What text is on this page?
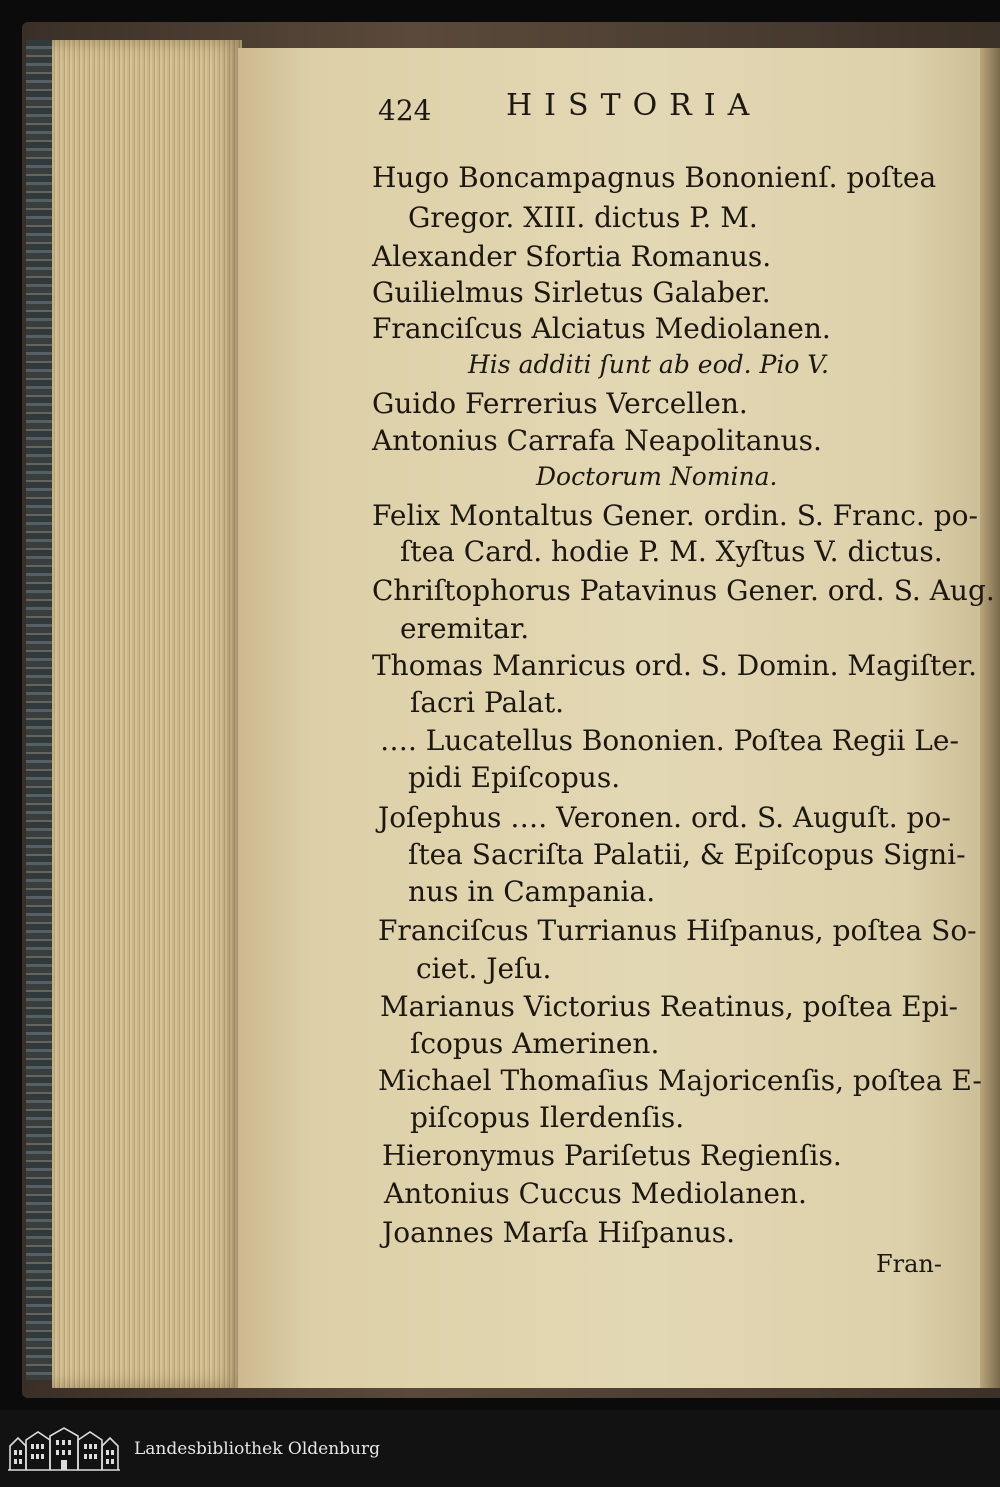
424 HISTORIA
Hugo Boncampagnus Bononienſ. poſtea
Gregor. XIII. dictus P. M.
Alexander Sfortia Romanus.
Guilielmus Sirletus Galaber.
Franciſcus Alciatus Mediolanen.
His additi ſunt ab eod. Pio V.
Guido Ferrerius Vercellen.
Antonius Carrafa Neapolitanus.
Doctorum Nomina.
Felix Montaltus Gener. ordin. S. Franc. po-
ſtea Card. hodie P. M. Xyſtus V. dictus.
Chriſtophorus Patavinus Gener. ord. S. Aug.
eremitar.
Thomas Manricus ord. S. Domin. Magiſter.
ſacri Palat.
…. Lucatellus Bononien. Poſtea Regii Le-
pidi Epiſcopus.
Joſephus …. Veronen. ord. S. Auguſt. po-
ſtea Sacriſta Palatii, & Epiſcopus Signi-
nus in Campania.
Franciſcus Turrianus Hiſpanus, poſtea So-
ciet. Jeſu.
Marianus Victorius Reatinus, poſtea Epi-
ſcopus Amerinen.
Michael Thomaſius Majoricenſis, poſtea E-
piſcopus Ilerdenſis.
Hieronymus Pariſetus Regienſis.
Antonius Cuccus Mediolanen.
Joannes Marſa Hiſpanus.
Fran-
Landesbibliothek Oldenburg
